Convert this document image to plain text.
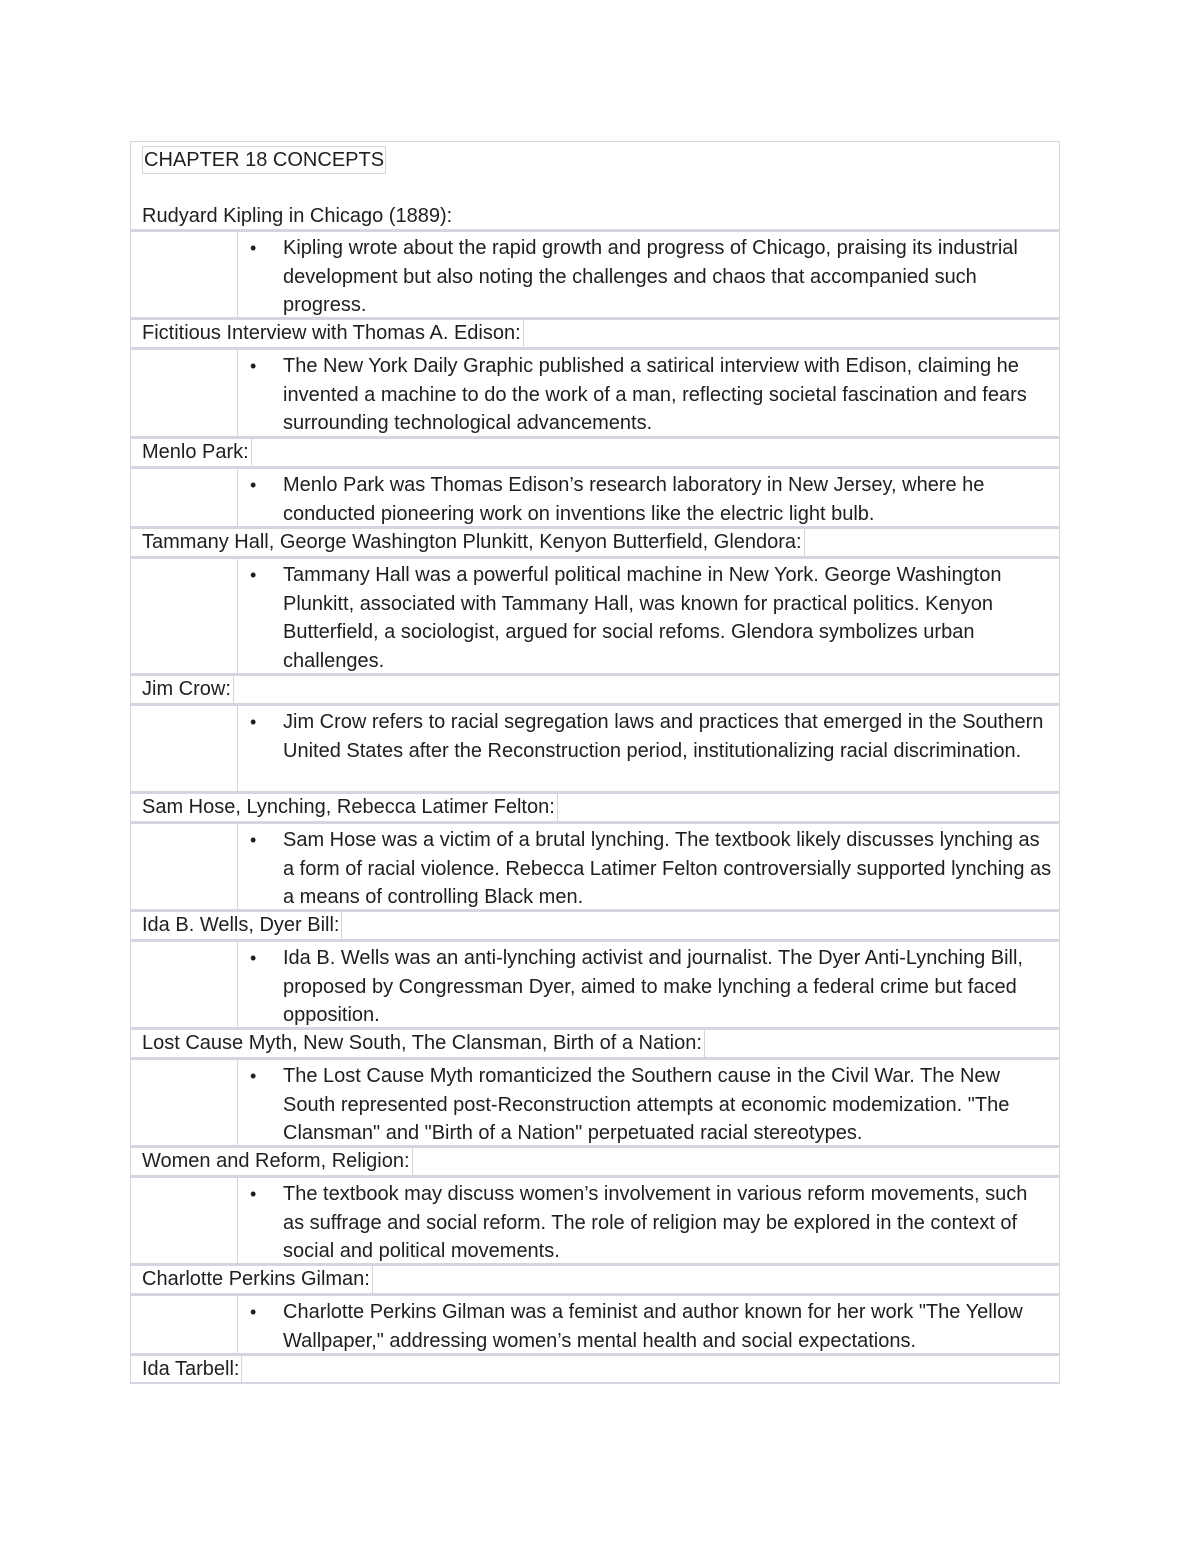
CHAPTER 18 CONCEPTS
Rudyard Kipling in Chicago (1889):
• Kipling wrote about the rapid growth and progress of Chicago, praising its industrial development but also noting the challenges and chaos that accompanied such progress.
Fictitious Interview with Thomas A. Edison:
• The New York Daily Graphic published a satirical interview with Edison, claiming he invented a machine to do the work of a man, reflecting societal fascination and fears surrounding technological advancements.
Menlo Park:
• Menlo Park was Thomas Edison’s research laboratory in New Jersey, where he conducted pioneering work on inventions like the electric light bulb.
Tammany Hall, George Washington Plunkitt, Kenyon Butterfield, Glendora:
• Tammany Hall was a powerful political machine in New York. George Washington Plunkitt, associated with Tammany Hall, was known for practical politics. Kenyon Butterfield, a sociologist, argued for social refoms. Glendora symbolizes urban challenges.
Jim Crow:
• Jim Crow refers to racial segregation laws and practices that emerged in the Southern United States after the Reconstruction period, institutionalizing racial discrimination.
Sam Hose, Lynching, Rebecca Latimer Felton:
• Sam Hose was a victim of a brutal lynching. The textbook likely discusses lynching as a form of racial violence. Rebecca Latimer Felton controversially supported lynching as a means of controlling Black men.
Ida B. Wells, Dyer Bill:
• Ida B. Wells was an anti-lynching activist and journalist. The Dyer Anti-Lynching Bill, proposed by Congressman Dyer, aimed to make lynching a federal crime but faced opposition.
Lost Cause Myth, New South, The Clansman, Birth of a Nation:
• The Lost Cause Myth romanticized the Southern cause in the Civil War. The New South represented post-Reconstruction attempts at economic modemization. "The Clansman" and "Birth of a Nation" perpetuated racial stereotypes.
Women and Reform, Religion:
• The textbook may discuss women’s involvement in various reform movements, such as suffrage and social reform. The role of religion may be explored in the context of social and political movements.
Charlotte Perkins Gilman:
• Charlotte Perkins Gilman was a feminist and author known for her work "The Yellow Wallpaper," addressing women’s mental health and social expectations.
Ida Tarbell:
